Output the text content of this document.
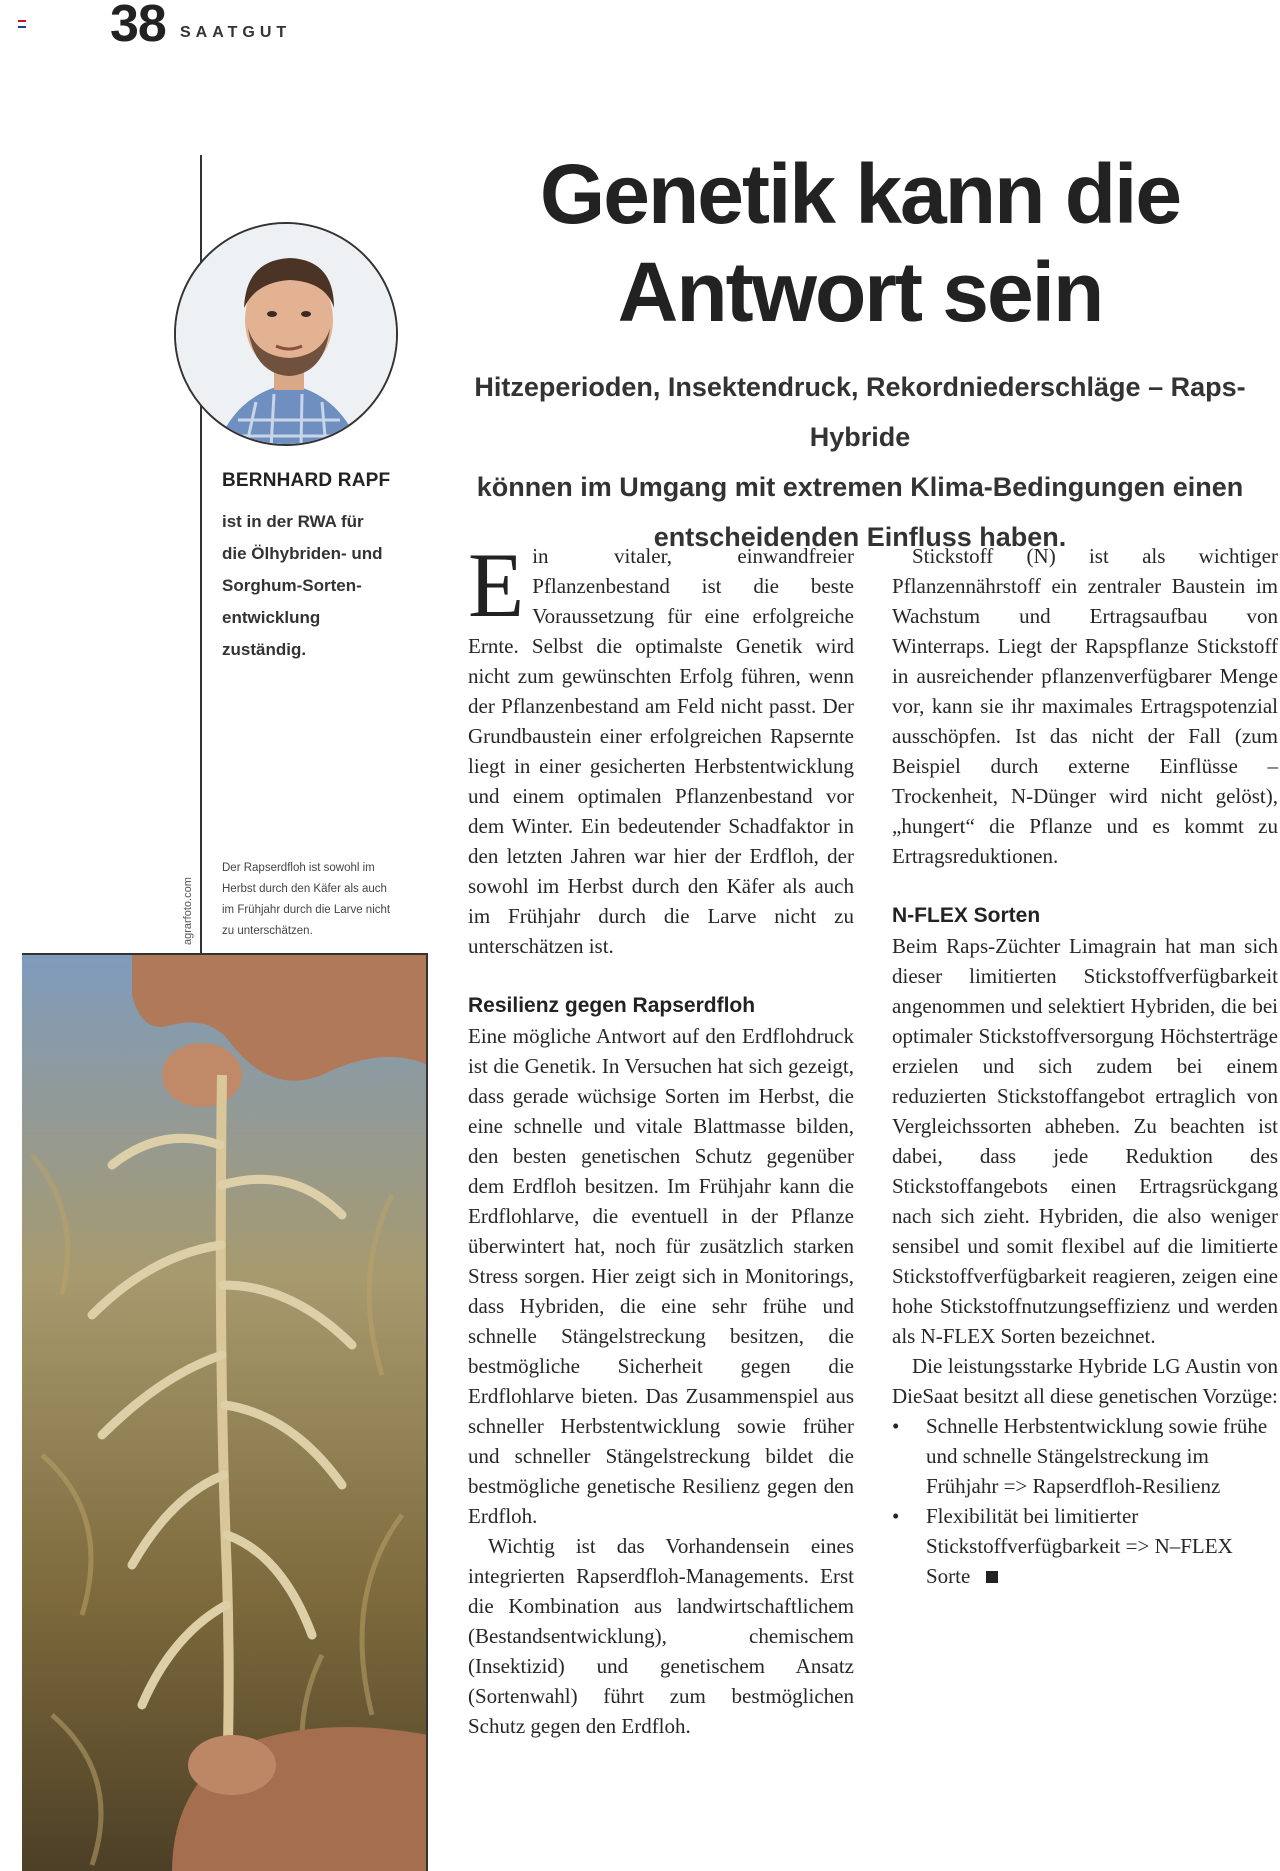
38 SAATGUT
Genetik kann die
Antwort sein
Hitzeperioden, Insektendruck, Rekordniederschläge – Raps-Hybride
können im Umgang mit extremen Klima-Bedingungen einen
entscheidenden Einfluss haben.
BERNHARD RAPF
ist in der RWA für die Ölhybriden- und Sorghum-Sorten-entwicklung zuständig.
Der Rapserdfloh ist sowohl im Herbst durch den Käfer als auch im Frühjahr durch die Larve nicht zu unterschätzen.
agrarfoto.com

Ein vitaler, einwandfreier Pflanzenbestand ist die beste Voraussetzung für eine erfolgreiche Ernte. Selbst die optimalste Genetik wird nicht zum gewünschten Erfolg führen, wenn der Pflanzenbestand am Feld nicht passt. Der Grundbaustein einer erfolgreichen Rapsernte liegt in einer gesicherten Herbstentwicklung und einem optimalen Pflanzenbestand vor dem Winter. Ein bedeutender Schadfaktor in den letzten Jahren war hier der Erdfloh, der sowohl im Herbst durch den Käfer als auch im Frühjahr durch die Larve nicht zu unterschätzen ist.

Resilienz gegen Rapserdfloh

Eine mögliche Antwort auf den Erdflohdruck ist die Genetik. In Versuchen hat sich gezeigt, dass gerade wüchsige Sorten im Herbst, die eine schnelle und vitale Blattmasse bilden, den besten genetischen Schutz gegenüber dem Erdfloh besitzen. Im Frühjahr kann die Erdflohlarve, die eventuell in der Pflanze überwintert hat, noch für zusätzlich starken Stress sorgen. Hier zeigt sich in Monitorings, dass Hybriden, die eine sehr frühe und schnelle Stängelstreckung besitzen, die bestmögliche Sicherheit gegen die Erdflohlarve bieten. Das Zusammenspiel aus schneller Herbstentwicklung sowie früher und schneller Stängelstreckung bildet die bestmögliche genetische Resilienz gegen den Erdfloh.

Wichtig ist das Vorhandensein eines integrierten Rapserdfloh-Managements. Erst die Kombination aus landwirtschaftlichem (Bestandsentwicklung), chemischem (Insektizid) und genetischem Ansatz (Sortenwahl) führt zum bestmöglichen Schutz gegen den Erdfloh.

Stickstoff (N) ist als wichtiger Pflanzennährstoff ein zentraler Baustein im Wachstum und Ertragsaufbau von Winterraps. Liegt der Rapspflanze Stickstoff in ausreichender pflanzenverfügbarer Menge vor, kann sie ihr maximales Ertragspotenzial ausschöpfen. Ist das nicht der Fall (zum Beispiel durch externe Einflüsse – Trockenheit, N-Dünger wird nicht gelöst), „hungert“ die Pflanze und es kommt zu Ertragsreduktionen.

N-FLEX Sorten

Beim Raps-Züchter Limagrain hat man sich dieser limitierten Stickstoffverfügbarkeit angenommen und selektiert Hybriden, die bei optimaler Stickstoffversorgung Höchsterträge erzielen und sich zudem bei einem reduzierten Stickstoffangebot ertraglich von Vergleichssorten abheben. Zu beachten ist dabei, dass jede Reduktion des Stickstoffangebots einen Ertragsrückgang nach sich zieht. Hybriden, die also weniger sensibel und somit flexibel auf die limitierte Stickstoffverfügbarkeit reagieren, zeigen eine hohe Stickstoffnutzungseffizienz und werden als N-FLEX Sorten bezeichnet.

Die leistungsstarke Hybride LG Austin von DieSaat besitzt all diese genetischen Vorzüge:

• Schnelle Herbstentwicklung sowie frühe und schnelle Stängelstreckung im Frühjahr => Rapserdfloh-Resilienz
• Flexibilität bei limitierter Stickstoffverfügbarkeit => N–FLEX Sorte
